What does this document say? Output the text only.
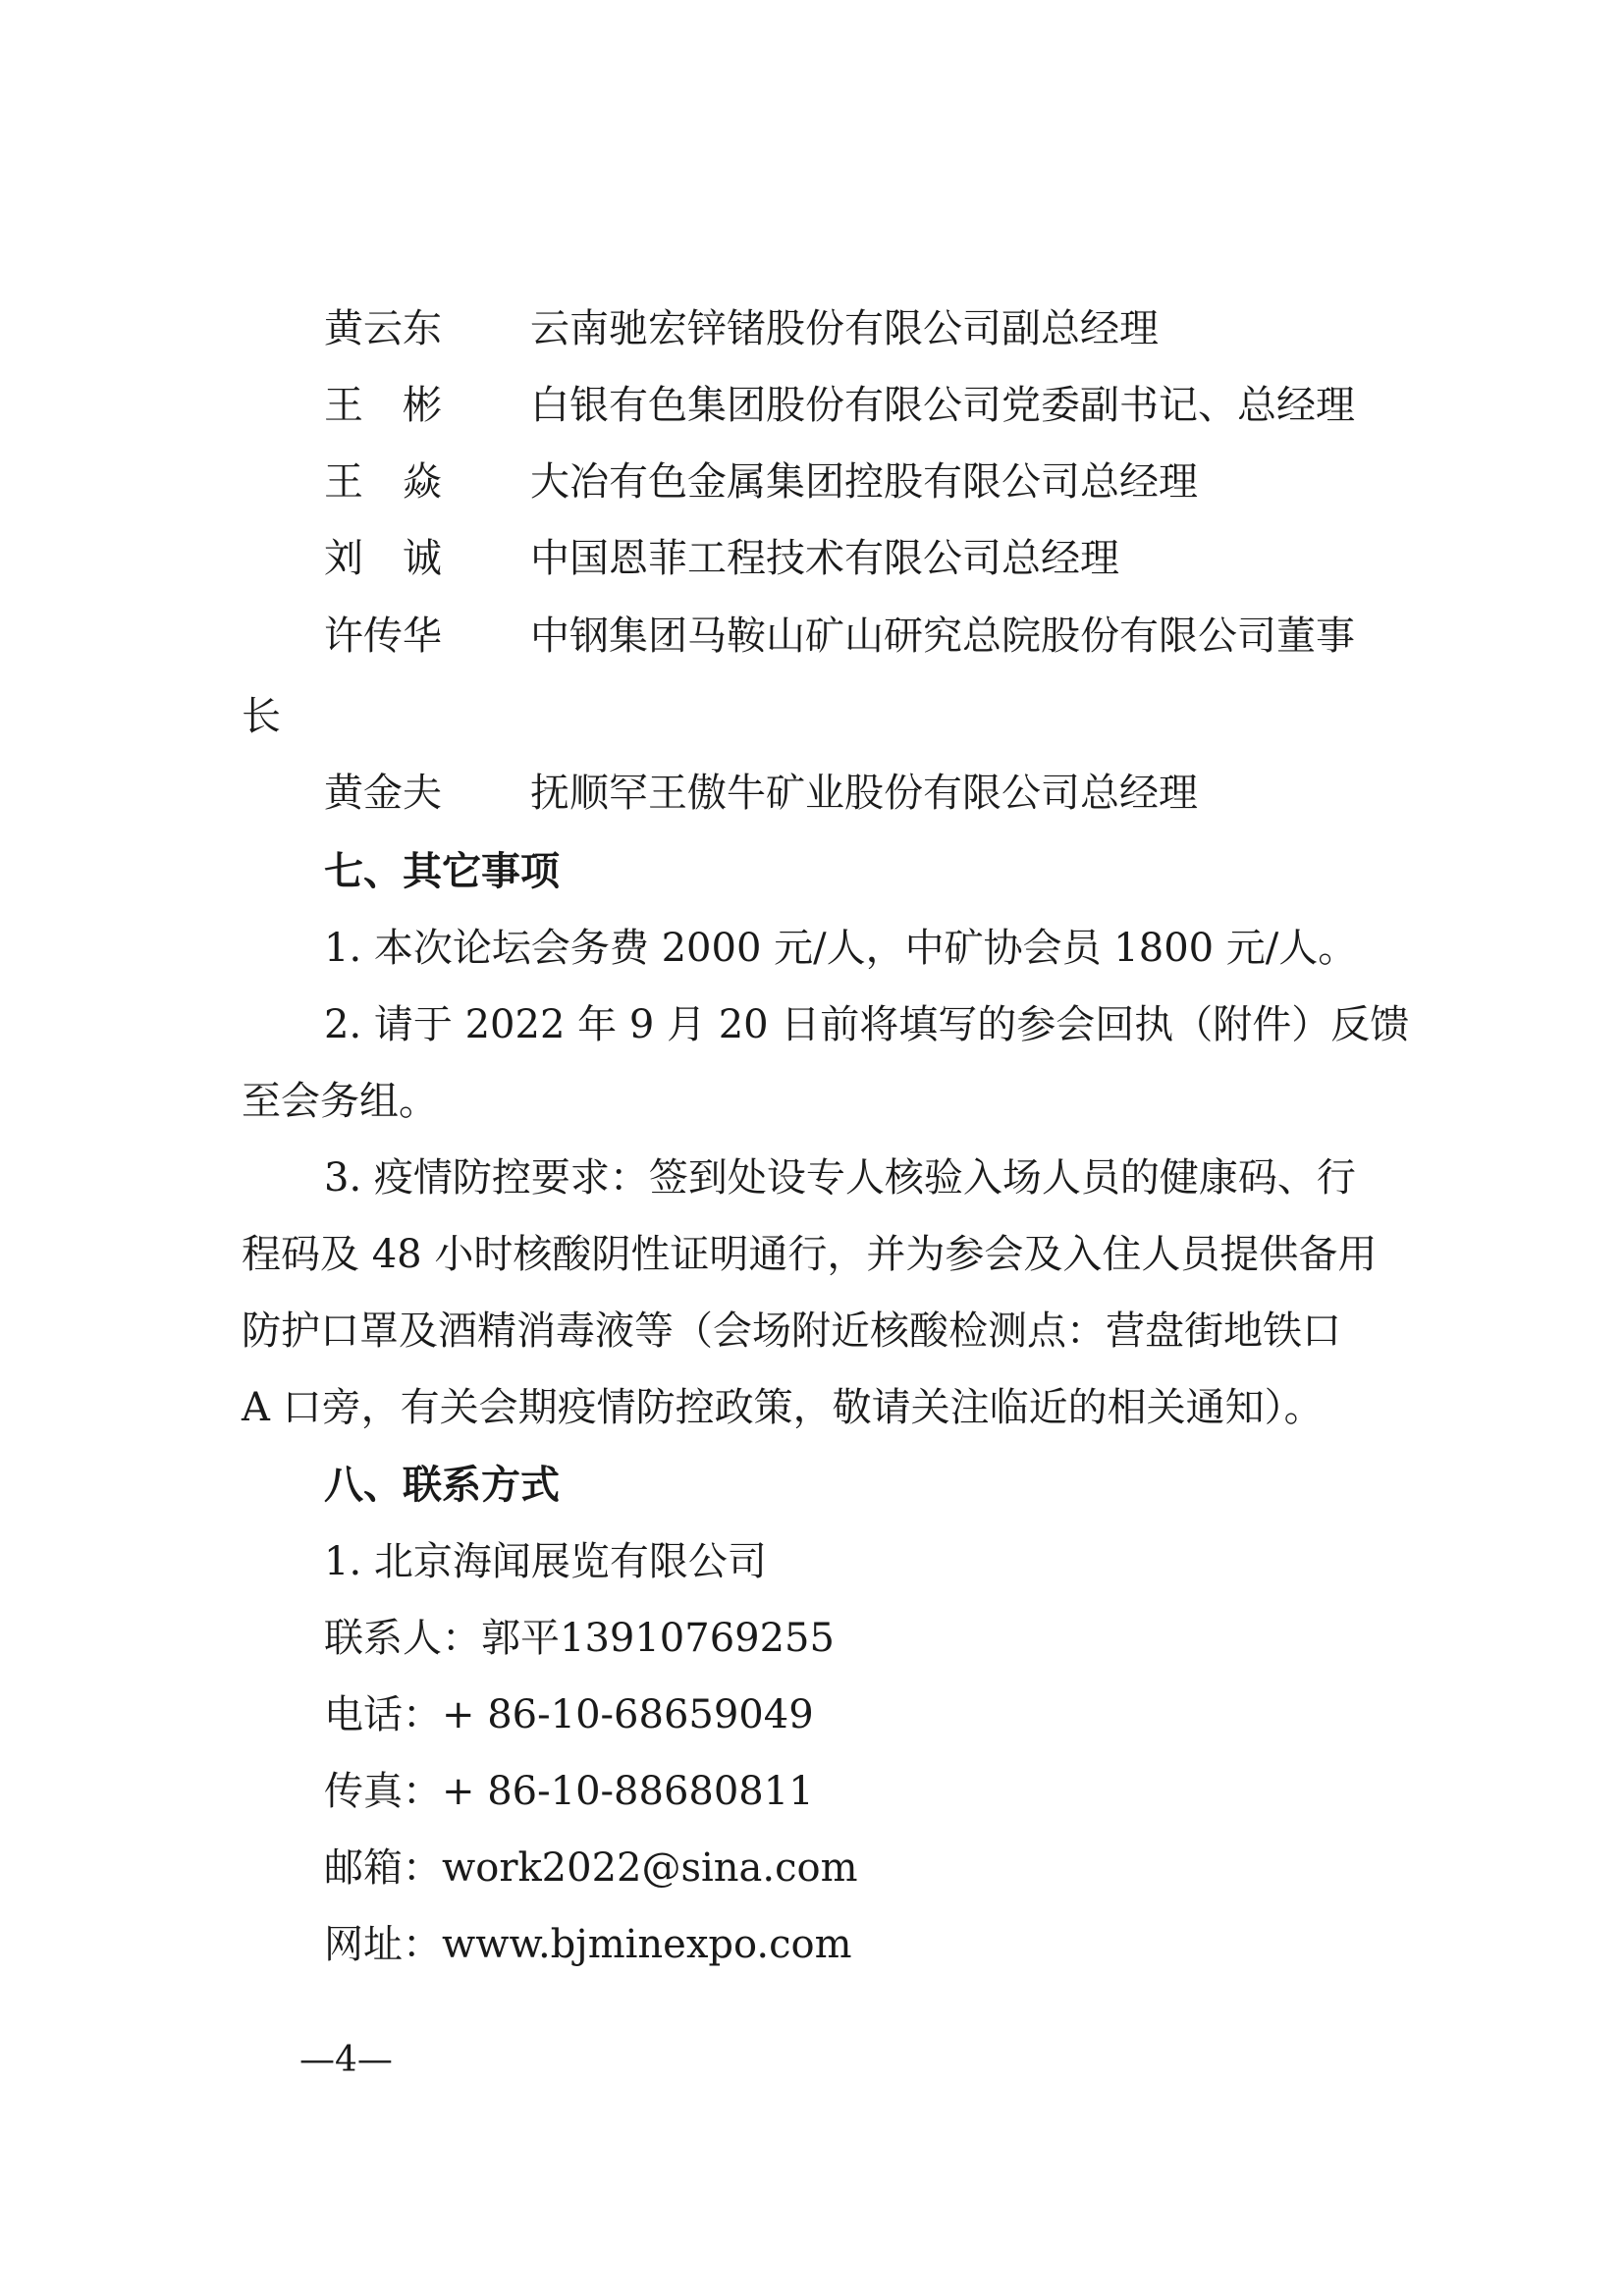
黄云东 云南驰宏锌锗股份有限公司副总经理
王　彬 白银有色集团股份有限公司党委副书记、总经理
王　焱 大冶有色金属集团控股有限公司总经理
刘　诚 中国恩菲工程技术有限公司总经理
许传华 中钢集团马鞍山矿山研究总院股份有限公司董事
长
黄金夫 抚顺罕王傲牛矿业股份有限公司总经理
七、其它事项
1. 本次论坛会务费 2000 元/人，中矿协会员 1800 元/人。
2. 请于 2022 年 9 月 20 日前将填写的参会回执（附件）反馈
至会务组。
3. 疫情防控要求：签到处设专人核验入场人员的健康码、行
程码及 48 小时核酸阴性证明通行，并为参会及入住人员提供备用
防护口罩及酒精消毒液等（会场附近核酸检测点：营盘街地铁口
A 口旁，有关会期疫情防控政策，敬请关注临近的相关通知）。
八、联系方式
1. 北京海闻展览有限公司
联系人：郭平13910769255
电话：+ 86-10-68659049
传真：+ 86-10-88680811
邮箱：work2022@sina.com
网址：www.bjminexpo.com
—4—
